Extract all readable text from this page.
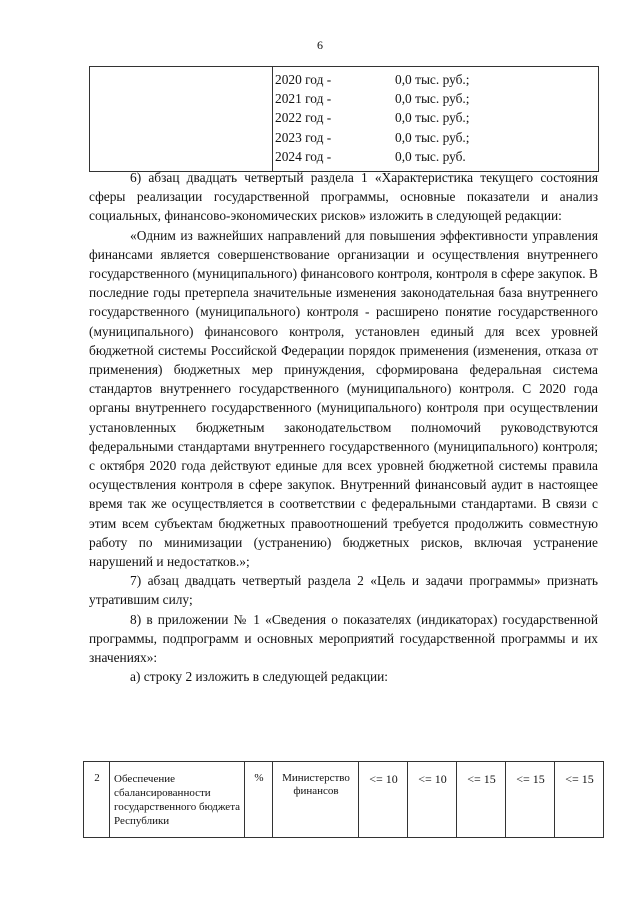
6

2020 год -	0,0 тыс. руб.;
2021 год -	0,0 тыс. руб.;
2022 год -	0,0 тыс. руб.;
2023 год -	0,0 тыс. руб.;
2024 год -	0,0 тыс. руб.

6) абзац двадцать четвертый раздела 1 «Характеристика текущего состояния сферы реализации государственной программы, основные показатели и анализ социальных, финансово-экономических рисков» изложить в следующей редакции:

«Одним из важнейших направлений для повышения эффективности управления финансами является совершенствование организации и осуществления внутреннего государственного (муниципального) финансового контроля, контроля в сфере закупок. В последние годы претерпела значительные изменения законодательная база внутреннего государственного (муниципального) контроля - расширено понятие государственного (муниципального) финансового контроля, установлен единый для всех уровней бюджетной системы Российской Федерации порядок применения (изменения, отказа от применения) бюджетных мер принуждения, сформирована федеральная система стандартов внутреннего государственного (муниципального) контроля. С 2020 года органы внутреннего государственного (муниципального) контроля при осуществлении установленных бюджетным законодательством полномочий руководствуются федеральными стандартами внутреннего государственного (муниципального) контроля; с октября 2020 года действуют единые для всех уровней бюджетной системы правила осуществления контроля в сфере закупок. Внутренний финансовый аудит в настоящее время так же осуществляется в соответствии с федеральными стандартами. В связи с этим всем субъектам бюджетных правоотношений требуется продолжить совместную работу по минимизации (устранению) бюджетных рисков, включая устранение нарушений и недостатков.»;

7) абзац двадцать четвертый раздела 2 «Цель и задачи программы» признать утратившим силу;

8) в приложении № 1 «Сведения о показателях (индикаторах) государственной программы, подпрограмм и основных мероприятий государственной программы и их значениях»:

а) строку 2 изложить в следующей редакции:

2	Обеспечение сбалансированности государственного бюджета Республики	%	Министерство финансов	<= 10	<= 10	<= 15	<= 15	<= 15
